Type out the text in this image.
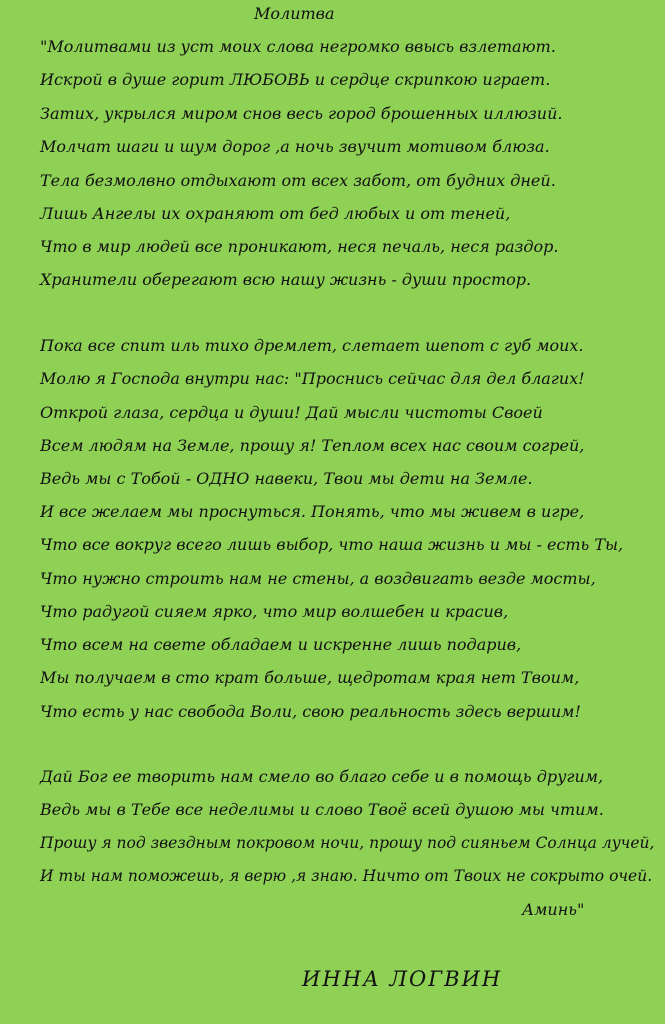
Молитва
"Молитвами из уст моих слова негромко ввысь взлетают.
Искрой в душе горит ЛЮБОВЬ и сердце скрипкою играет.
Затих, укрылся миром снов весь город брошенных иллюзий.
Молчат шаги и шум дорог ,а ночь звучит мотивом блюза.
Тела безмолвно отдыхают от всех забот, от будних дней.
Лишь Ангелы их охраняют от бед любых и от теней,
Что в мир людей все проникают, неся печаль, неся раздор.
Хранители оберегают всю нашу жизнь - души простор.
Пока все спит иль тихо дремлет, слетает шепот с губ моих.
Молю я Господа внутри нас: "Проснись сейчас для дел благих!
Открой глаза, сердца и души! Дай мысли чистоты Своей
Всем людям на Земле, прошу я! Теплом всех нас своим согрей,
Ведь мы с Тобой - ОДНО навеки, Твои мы дети на Земле.
И все желаем мы проснуться. Понять, что мы живем в игре,
Что все вокруг всего лишь выбор, что наша жизнь и мы - есть Ты,
Что нужно строить нам не стены, а воздвигать везде мосты,
Что радугой сияем ярко, что мир волшебен и красив,
Что всем на свете обладаем и искренне лишь подарив,
Мы получаем в сто крат больше, щедротам края нет Твоим,
Что есть у нас свобода Воли, свою реальность здесь вершим!
Дай Бог ее творить нам смело во благо себе и в помощь другим,
Ведь мы в Тебе все неделимы и слово Твоё всей душою мы чтим.
Прошу я под звездным покровом ночи, прошу под сияньем Солнца лучей,
И ты нам поможешь, я верю ,я знаю. Ничто от Твоих не сокрыто очей.
Аминь"
ИННА ЛОГВИН
